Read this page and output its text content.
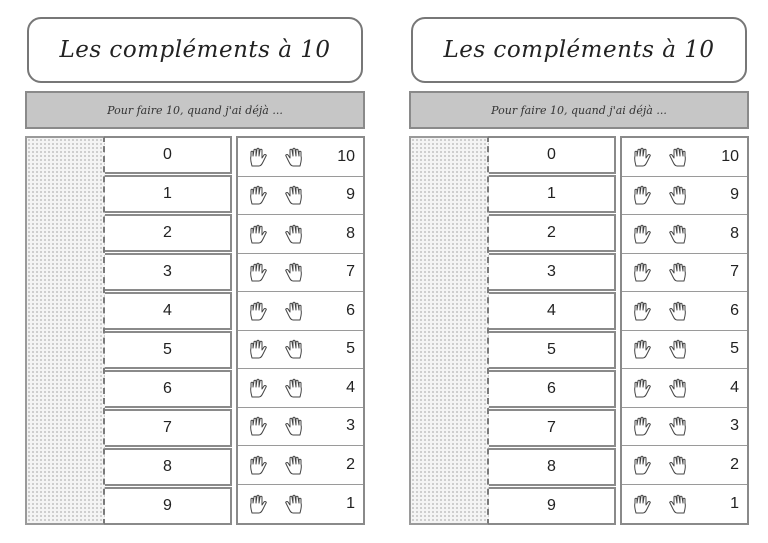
Les compléments à 10
Pour faire 10, quand j'ai déjà ...
0
1
2
3
4
5
6
7
8
9
10
9
8
7
6
5
4
3
2
1
Les compléments à 10
Pour faire 10, quand j'ai déjà ...
0
1
2
3
4
5
6
7
8
9
10
9
8
7
6
5
4
3
2
1
